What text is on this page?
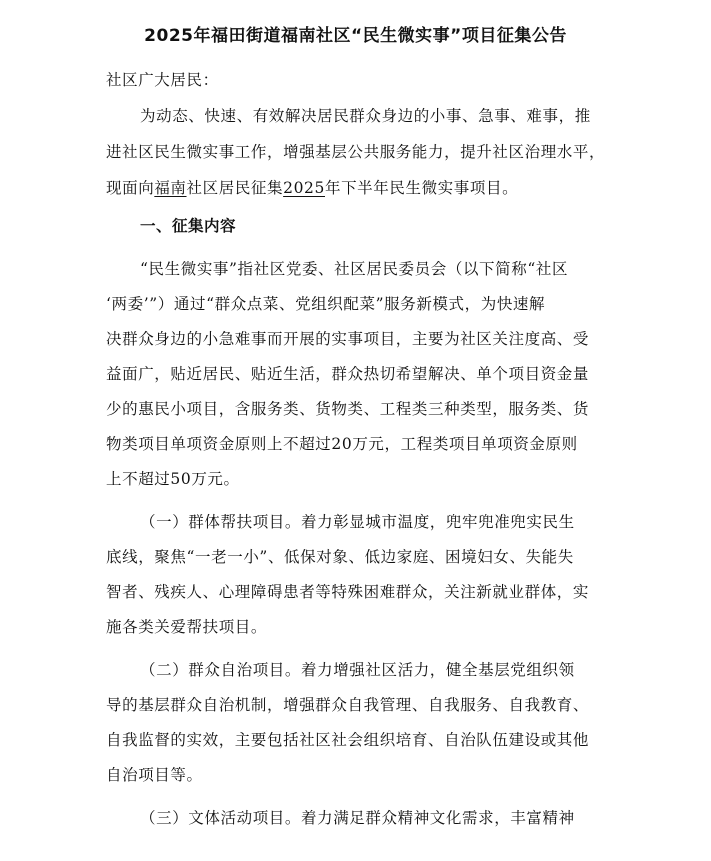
2025年福田街道福南社区“民生微实事”项目征集公告
社区广大居民：
为动态、快速、有效解决居民群众身边的小事、急事、难事，推
进社区民生微实事工作，增强基层公共服务能力，提升社区治理水平，
现面向福南社区居民征集2025年下半年民生微实事项目。
一、征集内容
“民生微实事”指社区党委、社区居民委员会（以下简称“社区
‘两委’”）通过“群众点菜、党组织配菜”服务新模式，为快速解
决群众身边的小急难事而开展的实事项目，主要为社区关注度高、受
益面广，贴近居民、贴近生活，群众热切希望解决、单个项目资金量
少的惠民小项目，含服务类、货物类、工程类三种类型，服务类、货
物类项目单项资金原则上不超过20万元，工程类项目单项资金原则
上不超过50万元。
（一）群体帮扶项目。着力彰显城市温度，兜牢兜准兜实民生
底线，聚焦“一老一小”、低保对象、低边家庭、困境妇女、失能失
智者、残疾人、心理障碍患者等特殊困难群众，关注新就业群体，实
施各类关爱帮扶项目。
（二）群众自治项目。着力增强社区活力，健全基层党组织领
导的基层群众自治机制，增强群众自我管理、自我服务、自我教育、
自我监督的实效，主要包括社区社会组织培育、自治队伍建设或其他
自治项目等。
（三）文体活动项目。着力满足群众精神文化需求，丰富精神
